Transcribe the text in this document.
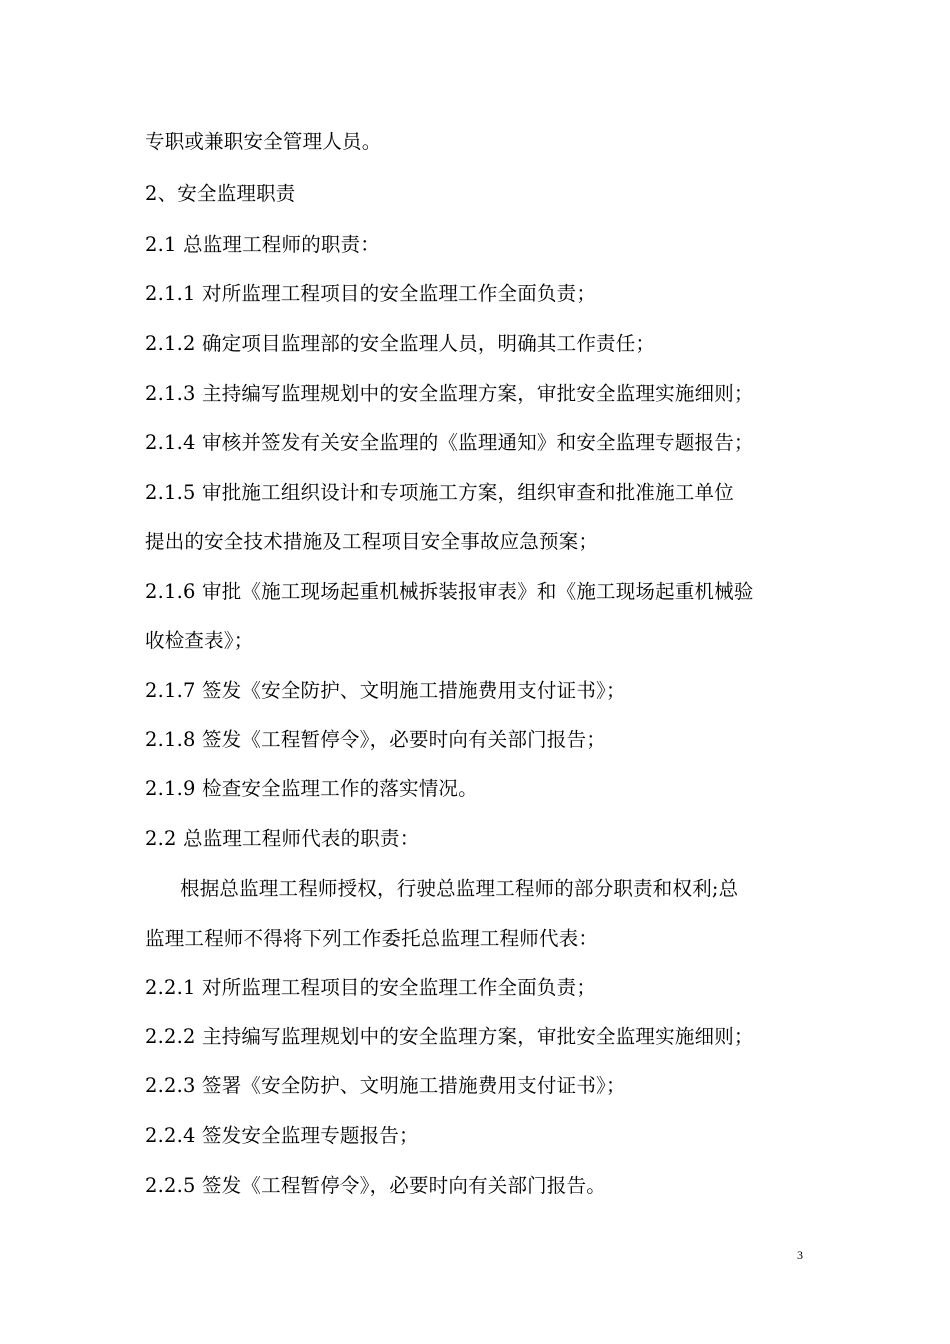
专职或兼职安全管理人员。
2、安全监理职责
2.1 总监理工程师的职责：
2.1.1 对所监理工程项目的安全监理工作全面负责；
2.1.2 确定项目监理部的安全监理人员，明确其工作责任；
2.1.3 主持编写监理规划中的安全监理方案，审批安全监理实施细则；
2.1.4 审核并签发有关安全监理的《监理通知》和安全监理专题报告；
2.1.5 审批施工组织设计和专项施工方案，组织审查和批准施工单位
提出的安全技术措施及工程项目安全事故应急预案；
2.1.6 审批《施工现场起重机械拆装报审表》和《施工现场起重机械验
收检查表》；
2.1.7 签发《安全防护、文明施工措施费用支付证书》；
2.1.8 签发《工程暂停令》，必要时向有关部门报告；
2.1.9 检查安全监理工作的落实情况。
2.2 总监理工程师代表的职责：
根据总监理工程师授权，行驶总监理工程师的部分职责和权利;总
监理工程师不得将下列工作委托总监理工程师代表：
2.2.1 对所监理工程项目的安全监理工作全面负责；
2.2.2 主持编写监理规划中的安全监理方案，审批安全监理实施细则；
2.2.3 签署《安全防护、文明施工措施费用支付证书》；
2.2.4 签发安全监理专题报告；
2.2.5 签发《工程暂停令》，必要时向有关部门报告。
3
